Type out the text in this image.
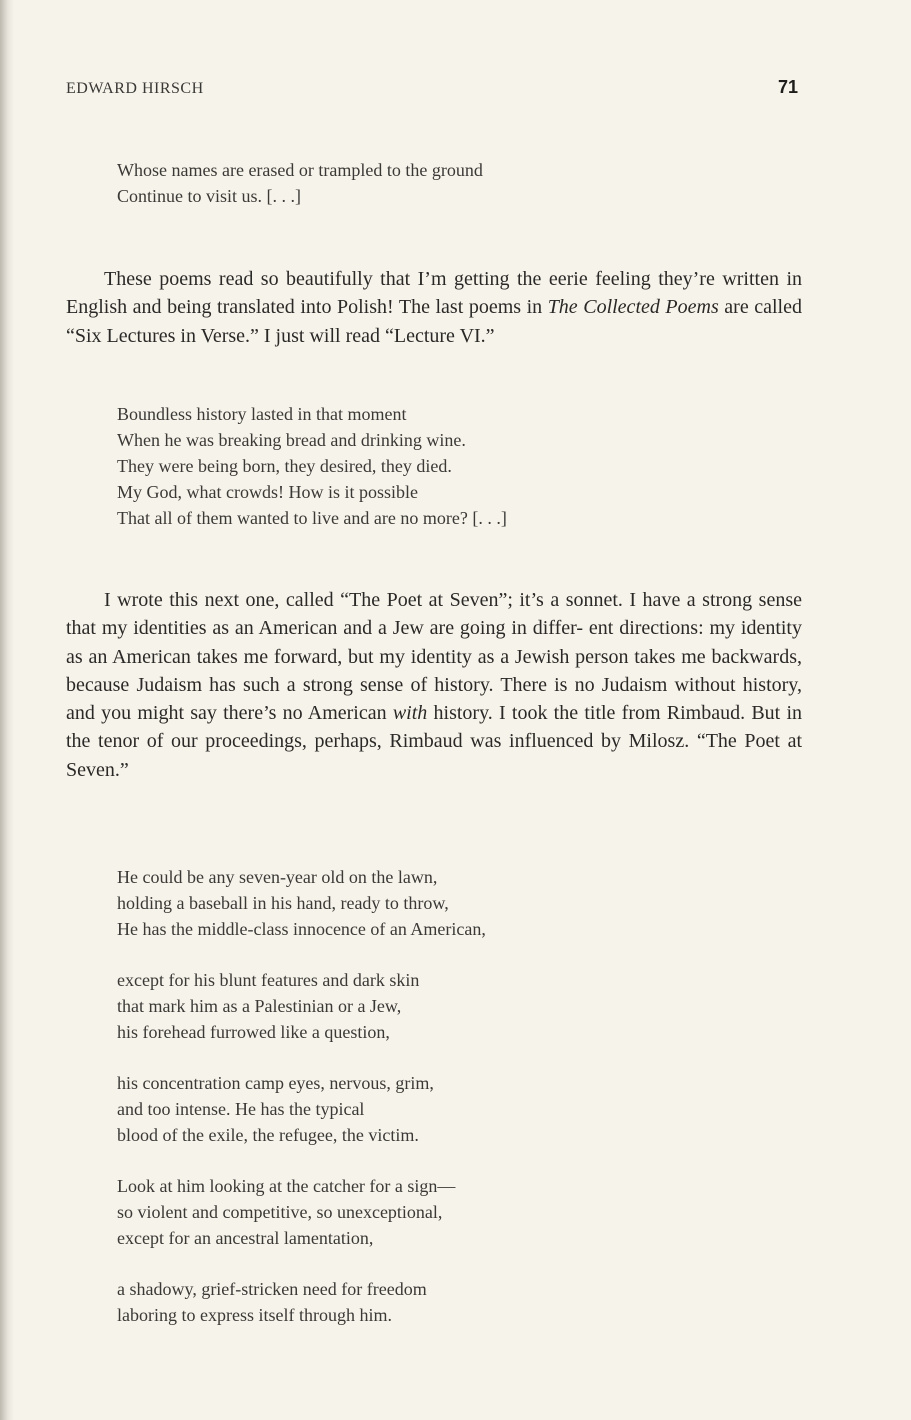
EDWARD HIRSCH	71
Whose names are erased or trampled to the ground
Continue to visit us. [. . .]

These poems read so beautifully that I’m getting the eerie feeling they’re written in English and being translated into Polish! The last poems in The Collected Poems are called “Six Lectures in Verse.” I just will read “Lecture VI.”

Boundless history lasted in that moment
When he was breaking bread and drinking wine.
They were being born, they desired, they died.
My God, what crowds! How is it possible
That all of them wanted to live and are no more? [. . .]

I wrote this next one, called “The Poet at Seven”; it’s a sonnet. I have a strong sense that my identities as an American and a Jew are going in differ- ent directions: my identity as an American takes me forward, but my identity as a Jewish person takes me backwards, because Judaism has such a strong sense of history. There is no Judaism without history, and you might say there’s no American with history. I took the title from Rimbaud. But in the tenor of our proceedings, perhaps, Rimbaud was influenced by Milosz. “The Poet at Seven.”

He could be any seven-year old on the lawn,
holding a baseball in his hand, ready to throw,
He has the middle-class innocence of an American,
except for his blunt features and dark skin
that mark him as a Palestinian or a Jew,
his forehead furrowed like a question,
his concentration camp eyes, nervous, grim,
and too intense. He has the typical
blood of the exile, the refugee, the victim.
Look at him looking at the catcher for a sign—
so violent and competitive, so unexceptional,
except for an ancestral lamentation,
a shadowy, grief-stricken need for freedom
laboring to express itself through him.
